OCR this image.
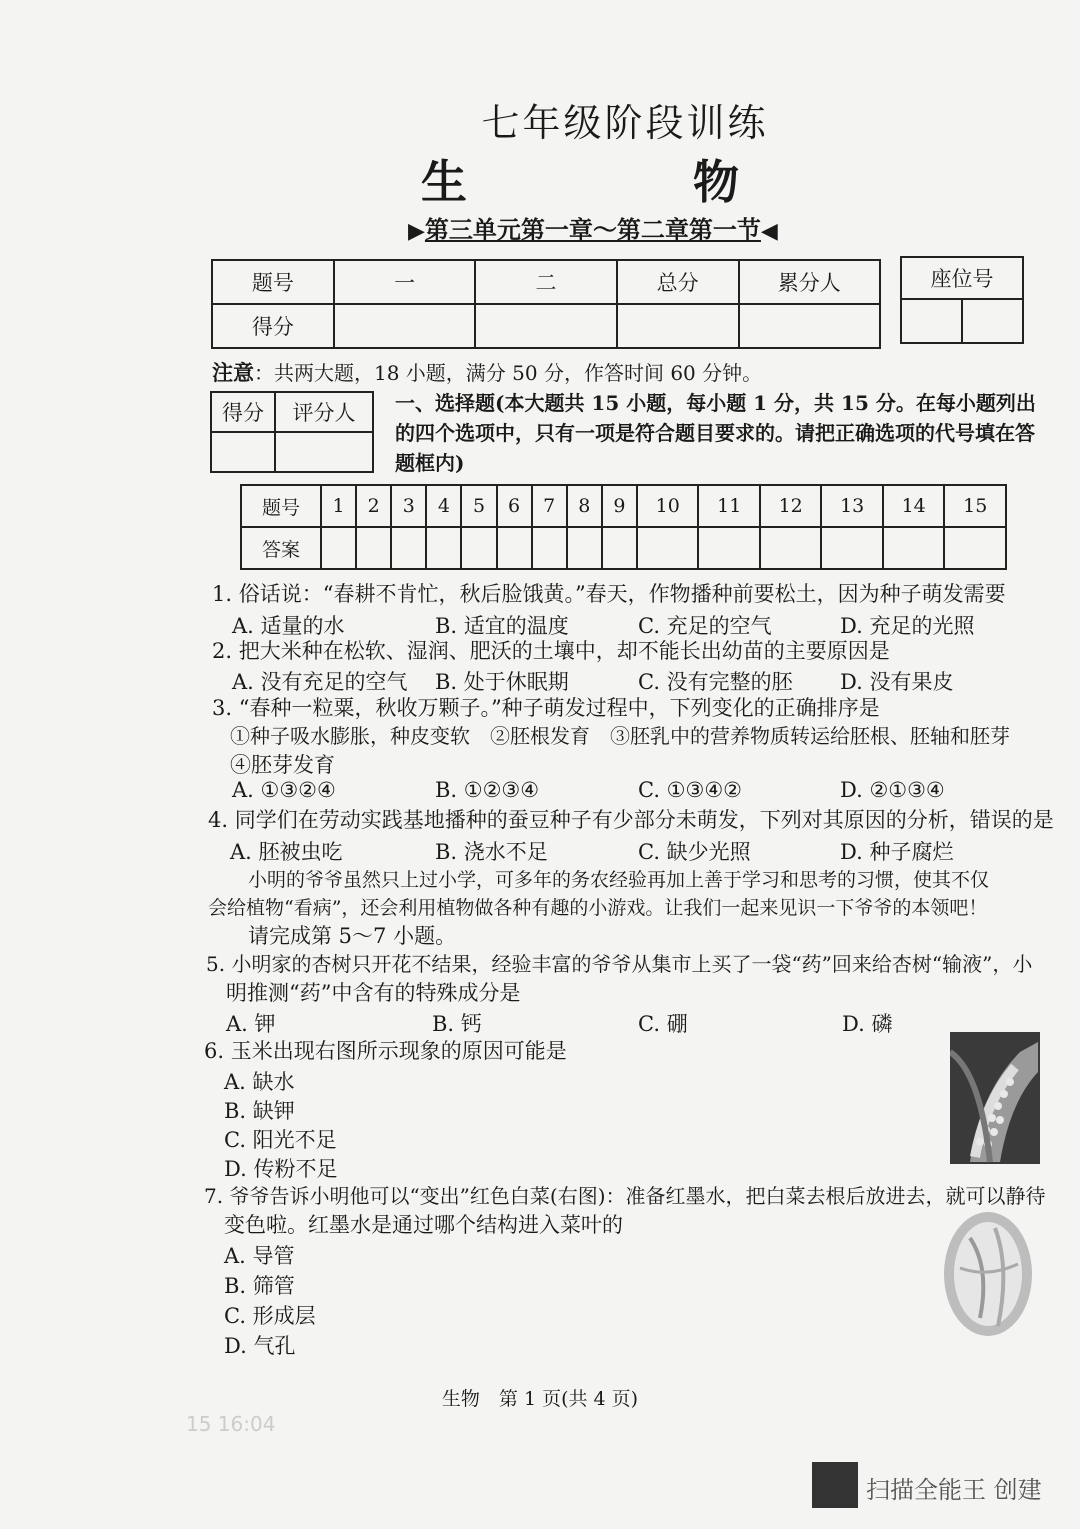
七年级阶段训练
生　物
▶第三单元第一章～第二章第一节◀
题号	一	二	总分	累分人
得分				
座位号

注意：共两大题，18 小题，满分 50 分，作答时间 60 分钟。
得分	评分人
	一、选择题(本大题共 15 小题，每小题 1 分，共 15 分。在每小题列出的四个选项中，只有一项是符合题目要求的。请把正确选项的代号填在答题框内)
题号	1	2	3	4	5	6	7	8	9	10	11	12	13	14	15
答案															
1. 俗话说：“春耕不肯忙，秋后脸饿黄。”春天，作物播种前要松土，因为种子萌发需要
A. 适量的水	B. 适宜的温度	C. 充足的空气	D. 充足的光照
2. 把大米种在松软、湿润、肥沃的土壤中，却不能长出幼苗的主要原因是
A. 没有充足的空气 B. 处于休眠期	C. 没有完整的胚 D. 没有果皮
3. “春种一粒粟，秋收万颗子。”种子萌发过程中，下列变化的正确排序是
①种子吸水膨胀，种皮变软　②胚根发育　③胚乳中的营养物质转运给胚根、胚轴和胚芽
④胚芽发育
A. ①③②④	B. ①②③④	C. ①③④②	D. ②①③④
4. 同学们在劳动实践基地播种的蚕豆种子有少部分未萌发，下列对其原因的分析，错误的是
A. 胚被虫吃	B. 浇水不足	C. 缺少光照	D. 种子腐烂
小明的爷爷虽然只上过小学，可多年的务农经验再加上善于学习和思考的习惯，使其不仅
会给植物“看病”，还会利用植物做各种有趣的小游戏。让我们一起来见识一下爷爷的本领吧！
请完成第 5～7 小题。
5. 小明家的杏树只开花不结果，经验丰富的爷爷从集市上买了一袋“药”回来给杏树“输液”，小
明推测“药”中含有的特殊成分是
A. 钾	B. 钙	C. 硼	D. 磷
6. 玉米出现右图所示现象的原因可能是
A. 缺水
B. 缺钾
C. 阳光不足
D. 传粉不足
7. 爷爷告诉小明他可以“变出”红色白菜(右图)：准备红墨水，把白菜去根后放进去，就可以静待
变色啦。红墨水是通过哪个结构进入菜叶的
A. 导管
B. 筛管
C. 形成层
D. 气孔
生物　第 1 页(共 4 页)
15 16:04
扫描全能王 创建
